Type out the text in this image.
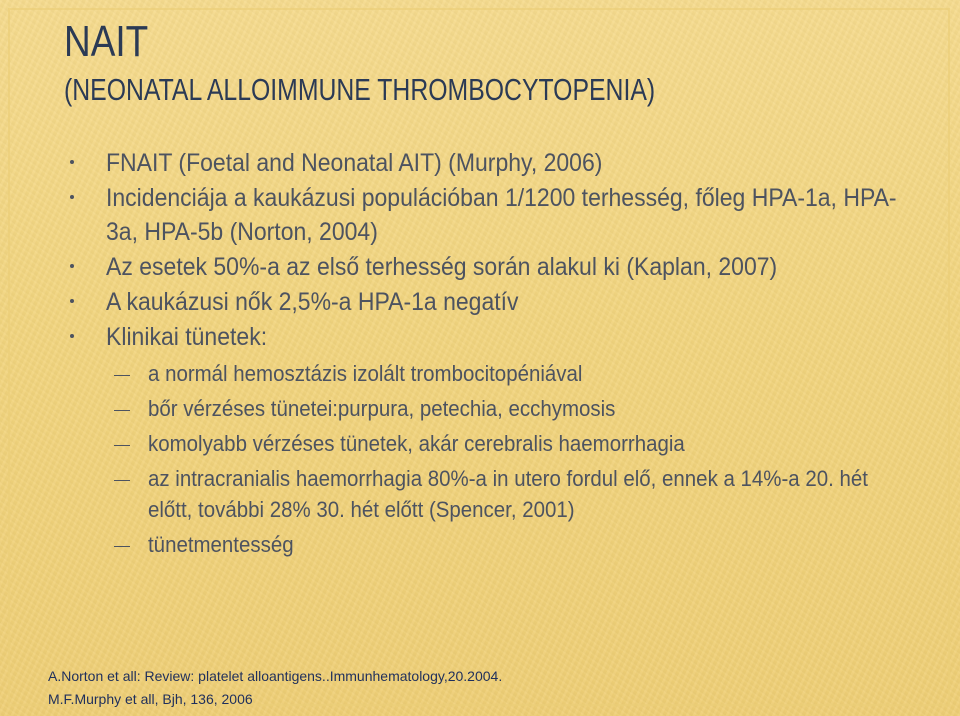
NAIT
(NEONATAL ALLOIMMUNE THROMBOCYTOPENIA)
FNAIT (Foetal and Neonatal AIT) (Murphy, 2006)
Incidenciája a kaukázusi populációban 1/1200 terhesség, főleg HPA-1a, HPA-3a, HPA-5b (Norton, 2004)
Az esetek 50%-a az első terhesség során alakul ki (Kaplan, 2007)
A kaukázusi nők 2,5%-a HPA-1a negatív
Klinikai tünetek:
a normál hemosztázis izolált trombocitopéniával
bőr vérzéses tünetei:purpura, petechia, ecchymosis
komolyabb vérzéses tünetek, akár cerebralis haemorrhagia
az intracranialis haemorrhagia 80%-a in utero fordul elő, ennek a 14%-a 20. hét előtt, további 28% 30. hét előtt (Spencer, 2001)
tünetmentesség
A.Norton et all: Review: platelet alloantigens..Immunhematology,20.2004.
M.F.Murphy et all, Bjh, 136, 2006
